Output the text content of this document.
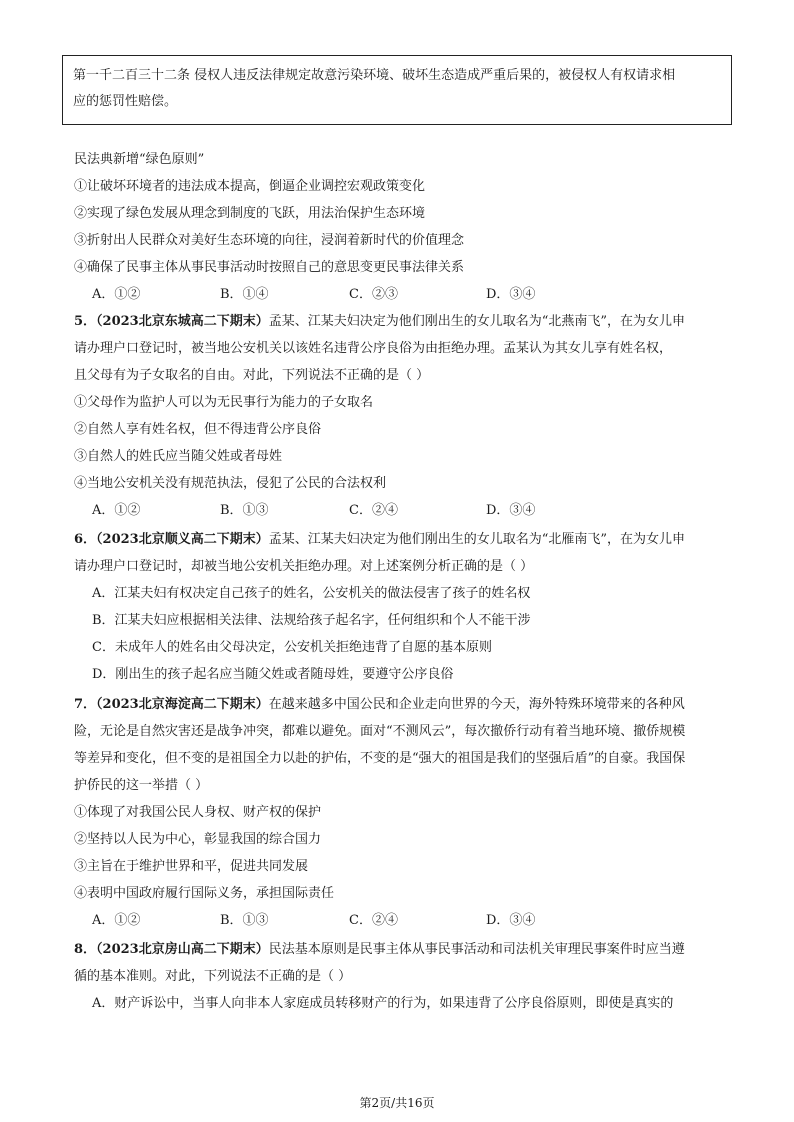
第一千二百三十二条 侵权人违反法律规定故意污染环境、破坏生态造成严重后果的，被侵权人有权请求相
应的惩罚性赔偿。
民法典新增“绿色原则”
①让破坏环境者的违法成本提高，倒逼企业调控宏观政策变化
②实现了绿色发展从理念到制度的飞跃，用法治保护生态环境
③折射出人民群众对美好生态环境的向往，浸润着新时代的价值理念
④确保了民事主体从事民事活动时按照自己的意思变更民事法律关系
A．①②	B．①④	C．②③	D．③④
5．（2023北京东城高二下期末）孟某、江某夫妇决定为他们刚出生的女儿取名为“北燕南飞”，在为女儿申
请办理户口登记时，被当地公安机关以该姓名违背公序良俗为由拒绝办理。孟某认为其女儿享有姓名权，
且父母有为子女取名的自由。对此，下列说法不正确的是（ ）
①父母作为监护人可以为无民事行为能力的子女取名
②自然人享有姓名权，但不得违背公序良俗
③自然人的姓氏应当随父姓或者母姓
④当地公安机关没有规范执法，侵犯了公民的合法权利
A．①②	B．①③	C．②④	D．③④
6．（2023北京顺义高二下期末）孟某、江某夫妇决定为他们刚出生的女儿取名为“北雁南飞”，在为女儿申
请办理户口登记时，却被当地公安机关拒绝办理。对上述案例分析正确的是（ ）
A．江某夫妇有权决定自己孩子的姓名，公安机关的做法侵害了孩子的姓名权
B．江某夫妇应根据相关法律、法规给孩子起名字，任何组织和个人不能干涉
C．未成年人的姓名由父母决定，公安机关拒绝违背了自愿的基本原则
D．刚出生的孩子起名应当随父姓或者随母姓，要遵守公序良俗
7．（2023北京海淀高二下期末）在越来越多中国公民和企业走向世界的今天，海外特殊环境带来的各种风
险，无论是自然灾害还是战争冲突，都难以避免。面对“不测风云”，每次撤侨行动有着当地环境、撤侨规模
等差异和变化，但不变的是祖国全力以赴的护佑，不变的是“强大的祖国是我们的坚强后盾”的自豪。我国保
护侨民的这一举措（ ）
①体现了对我国公民人身权、财产权的保护
②坚持以人民为中心，彰显我国的综合国力
③主旨在于维护世界和平，促进共同发展
④表明中国政府履行国际义务，承担国际责任
A．①②	B．①③	C．②④	D．③④
8．（2023北京房山高二下期末）民法基本原则是民事主体从事民事活动和司法机关审理民事案件时应当遵
循的基本准则。对此，下列说法不正确的是（ ）
A．财产诉讼中，当事人向非本人家庭成员转移财产的行为，如果违背了公序良俗原则，即使是真实的
第2页/共16页
